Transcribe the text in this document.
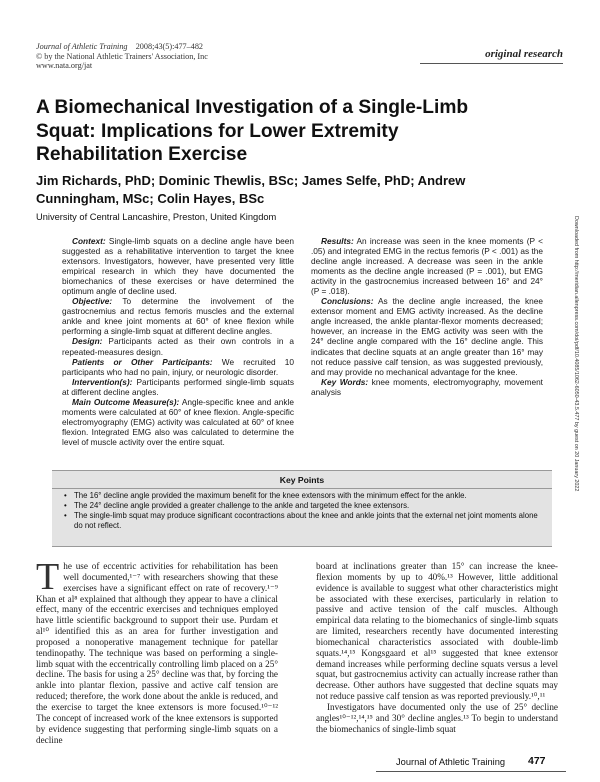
Journal of Athletic Training 2008;43(5):477–482
© by the National Athletic Trainers' Association, Inc
www.nata.org/jat
original research
A Biomechanical Investigation of a Single-Limb Squat: Implications for Lower Extremity Rehabilitation Exercise
Jim Richards, PhD; Dominic Thewlis, BSc; James Selfe, PhD; Andrew Cunningham, MSc; Colin Hayes, BSc
University of Central Lancashire, Preston, United Kingdom	Downloaded from http://meridian.allenpress.com/doi/pdf/10.4085/1062-6050-43.5.477 by guest on 20 January 2022

Context: Single-limb squats on a decline angle have been suggested as a rehabilitative intervention to target the knee extensors. Investigators, however, have presented very little empirical research in which they have documented the biomechanics of these exercises or have determined the optimum angle of decline used.

Objective: To determine the involvement of the gastrocnemius and rectus femoris muscles and the external ankle and knee joint moments at 60° of knee flexion while performing a single-limb squat at different decline angles.

Design: Participants acted as their own controls in a repeated-measures design.

Patients or Other Participants: We recruited 10 participants who had no pain, injury, or neurologic disorder.

Intervention(s): Participants performed single-limb squats at different decline angles.

Main Outcome Measure(s): Angle-specific knee and ankle moments were calculated at 60° of knee flexion. Angle-specific electromyography (EMG) activity was calculated at 60° of knee flexion. Integrated EMG also was calculated to determine the level of muscle activity over the entire squat.

Results: An increase was seen in the knee moments (P < .05) and integrated EMG in the rectus femoris (P < .001) as the decline angle increased. A decrease was seen in the ankle moments as the decline angle increased (P = .001), but EMG activity in the gastrocnemius increased between 16° and 24° (P = .018).

Conclusions: As the decline angle increased, the knee extensor moment and EMG activity increased. As the decline angle increased, the ankle plantar-flexor moments decreased; however, an increase in the EMG activity was seen with the 24° decline angle compared with the 16° decline angle. This indicates that decline squats at an angle greater than 16° may not reduce passive calf tension, as was suggested previously, and may provide no mechanical advantage for the knee.

Key Words: knee moments, electromyography, movement analysis

Key Points
• The 16° decline angle provided the maximum benefit for the knee extensors with the minimum effect for the ankle.
• The 24° decline angle provided a greater challenge to the ankle and targeted the knee extensors.
• The single-limb squat may produce significant cocontractions about the knee and ankle joints that the external net joint moments alone do not reflect.

The use of eccentric activities for rehabilitation has been well documented,¹⁻⁷ with researchers showing that these exercises have a significant effect on rate of recovery.¹⁻⁹ Khan et al⁸ explained that although they appear to have a clinical effect, many of the eccentric exercises and techniques employed have little scientific background to support their use. Purdam et al¹⁰ identified this as an area for further investigation and proposed a nonoperative management technique for patellar tendinopathy. The technique was based on performing a single-limb squat with the eccentrically controlling limb placed on a 25° decline. The basis for using a 25° decline was that, by forcing the ankle into plantar flexion, passive and active calf tension are reduced; therefore, the work done about the ankle is reduced, and the exercise to target the knee extensors is more focused.¹⁰⁻¹² The concept of increased work of the knee extensors is supported by evidence suggesting that performing single-limb squats on a decline

board at inclinations greater than 15° can increase the knee-flexion moments by up to 40%.¹³ However, little additional evidence is available to suggest what other characteristics might be associated with these exercises, particularly in relation to passive and active tension of the calf muscles. Although empirical data relating to the biomechanics of single-limb squats are limited, researchers recently have documented interesting biomechanical characteristics associated with double-limb squats.¹⁴,¹⁵ Kongsgaard et al¹⁵ suggested that knee extensor demand increases while performing decline squats versus a level squat, but gastrocnemius activity can actually increase rather than decrease. Other authors have suggested that decline squats may not reduce passive calf tension as was reported previously.¹⁰,¹¹

Investigators have documented only the use of 25° decline angles¹⁰⁻¹²,¹⁴,¹⁵ and 30° decline angles.¹³ To begin to understand the biomechanics of single-limb squat

Journal of Athletic Training 477
